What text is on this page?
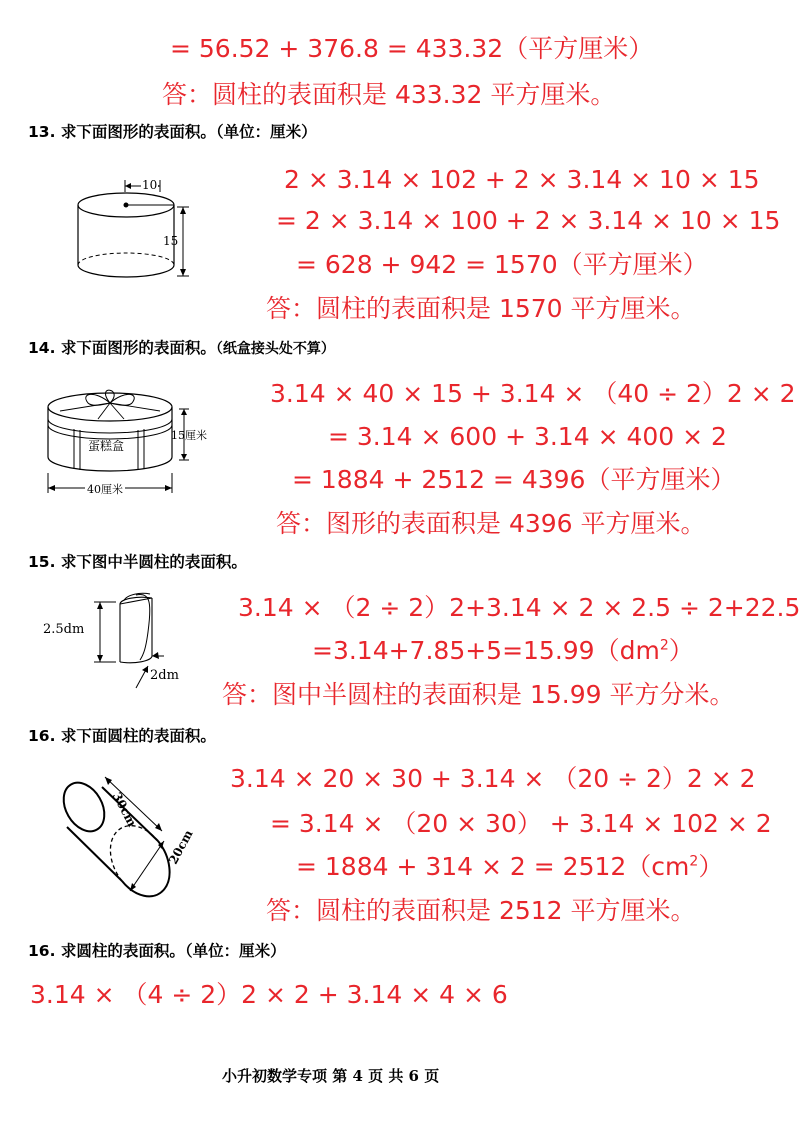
= 56.52 + 376.8 = 433.32（平方厘米）
答：圆柱的表面积是 433.32 平方厘米。
13. 求下面图形的表面积。（单位：厘米）
10
15
2 × 3.14 × 102 + 2 × 3.14 × 10 × 15
= 2 × 3.14 × 100 + 2 × 3.14 × 10 × 15
= 628 + 942 = 1570（平方厘米）
答：圆柱的表面积是 1570 平方厘米。
14. 求下面图形的表面积。（纸盒接头处不算）
蛋糕盒
15厘米
40厘米
3.14 × 40 × 15 + 3.14 × （40 ÷ 2）2 × 2
= 3.14 × 600 + 3.14 × 400 × 2
= 1884 + 2512 = 4396（平方厘米）
答：图形的表面积是 4396 平方厘米。
15. 求下图中半圆柱的表面积。
2.5dm
2dm
3.14 × （2 ÷ 2）2+3.14 × 2 × 2.5 ÷ 2+22.5
$=3.14+7.85+5=15.99(dm^2)$
答：图中半圆柱的表面积是 15.99 平方分米。
16. 求下面圆柱的表面积。
30cm
20cm
3.14 × 20 × 30 + 3.14 × （20 ÷ 2）2 × 2
= 3.14 × （20 × 30） + 3.14 × 102 × 2
= $1884 + 314 \times 2 = 2512(cm^2)$
答：圆柱的表面积是 2512 平方厘米。
16. 求圆柱的表面积。（单位：厘米）
3.14 × （4 ÷ 2）2 × 2 + 3.14 × 4 × 6
小升初数学专项 第 4 页 共 6 页
